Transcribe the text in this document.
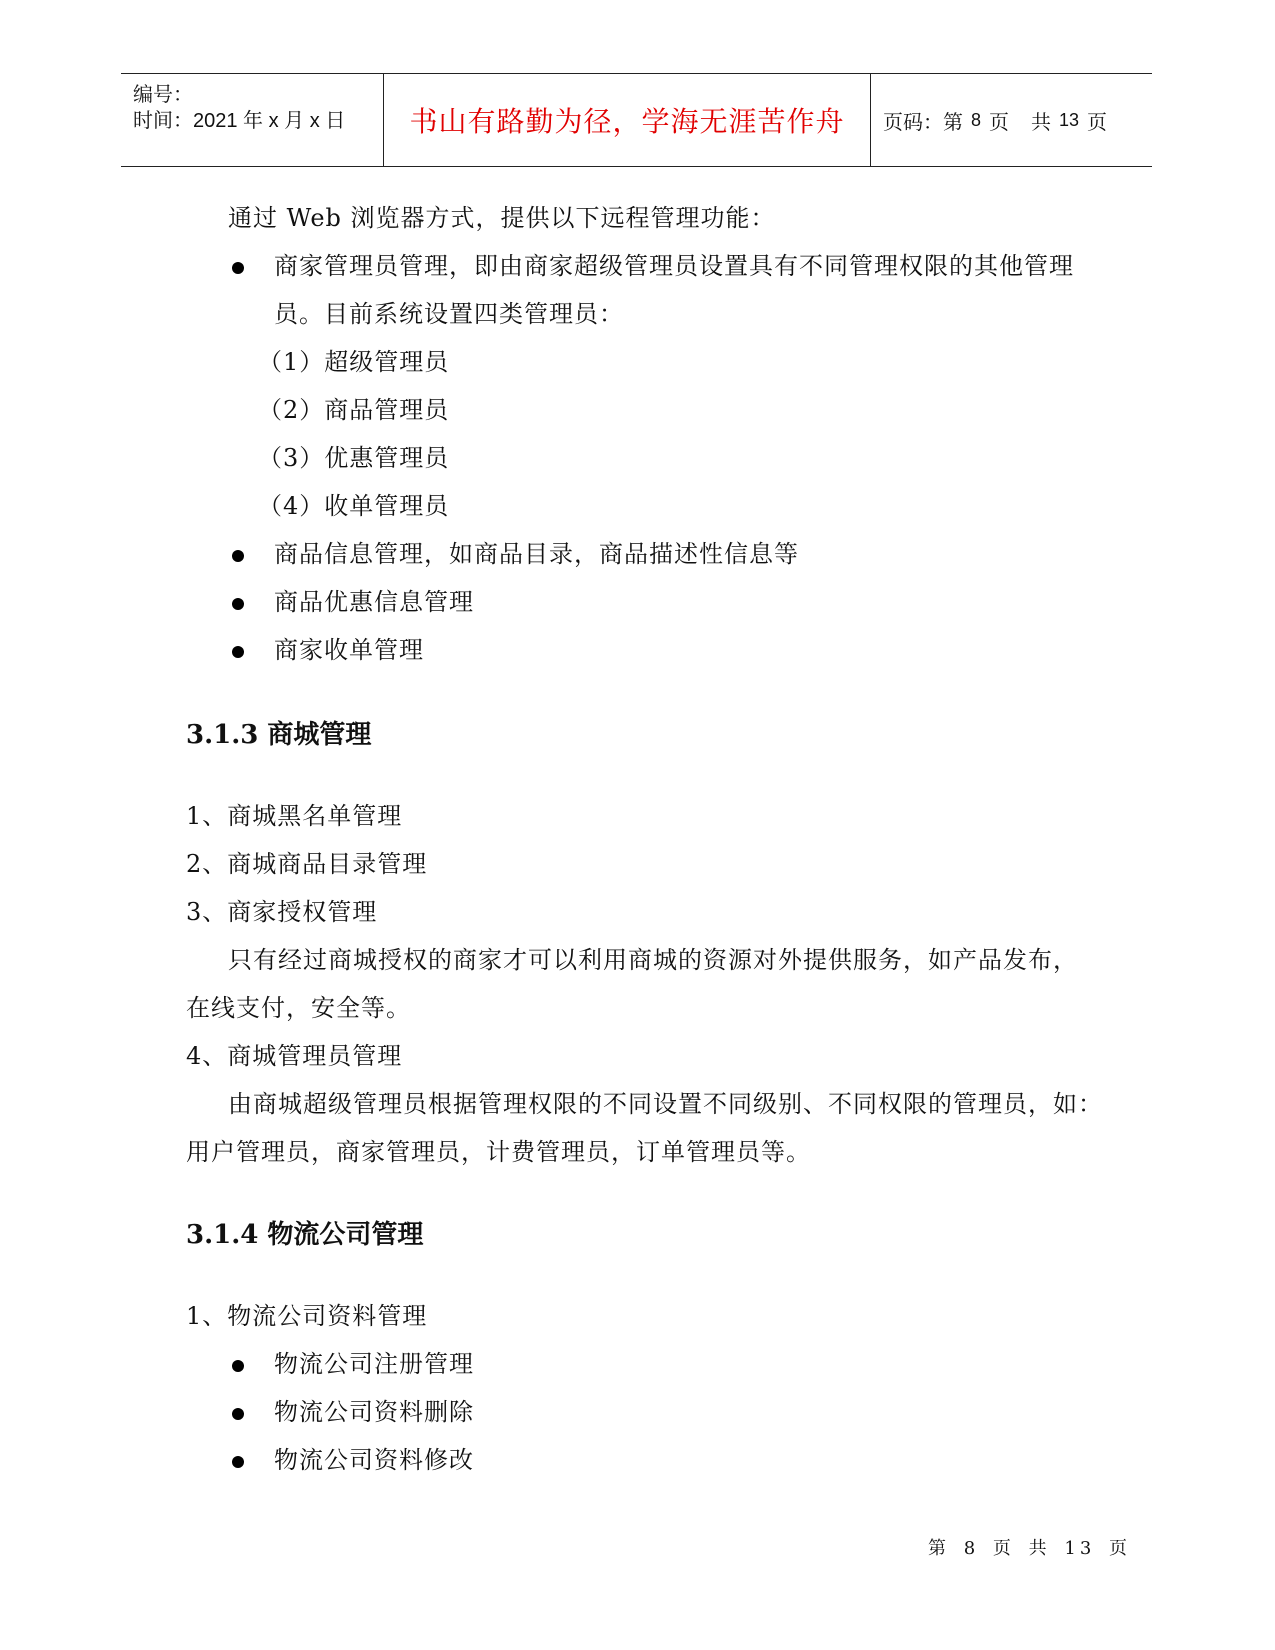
编号：
时间：2021 年 x 月 x 日 书山有路勤为径，学海无涯苦作舟 页码：第 8 页 共 13 页
通过 Web 浏览器方式，提供以下远程管理功能：
商家管理员管理，即由商家超级管理员设置具有不同管理权限的其他管理
员。目前系统设置四类管理员：
（1）超级管理员
（2）商品管理员
（3）优惠管理员
（4）收单管理员
商品信息管理，如商品目录，商品描述性信息等
商品优惠信息管理
商家收单管理
3.1.3 商城管理
1、商城黑名单管理
2、商城商品目录管理
3、商家授权管理
只有经过商城授权的商家才可以利用商城的资源对外提供服务，如产品发布，
在线支付，安全等。
4、商城管理员管理
由商城超级管理员根据管理权限的不同设置不同级别、不同权限的管理员，如：
用户管理员，商家管理员，计费管理员，订单管理员等。
3.1.4 物流公司管理
1、物流公司资料管理
物流公司注册管理
物流公司资料删除
物流公司资料修改
第 8 页 共 13 页
